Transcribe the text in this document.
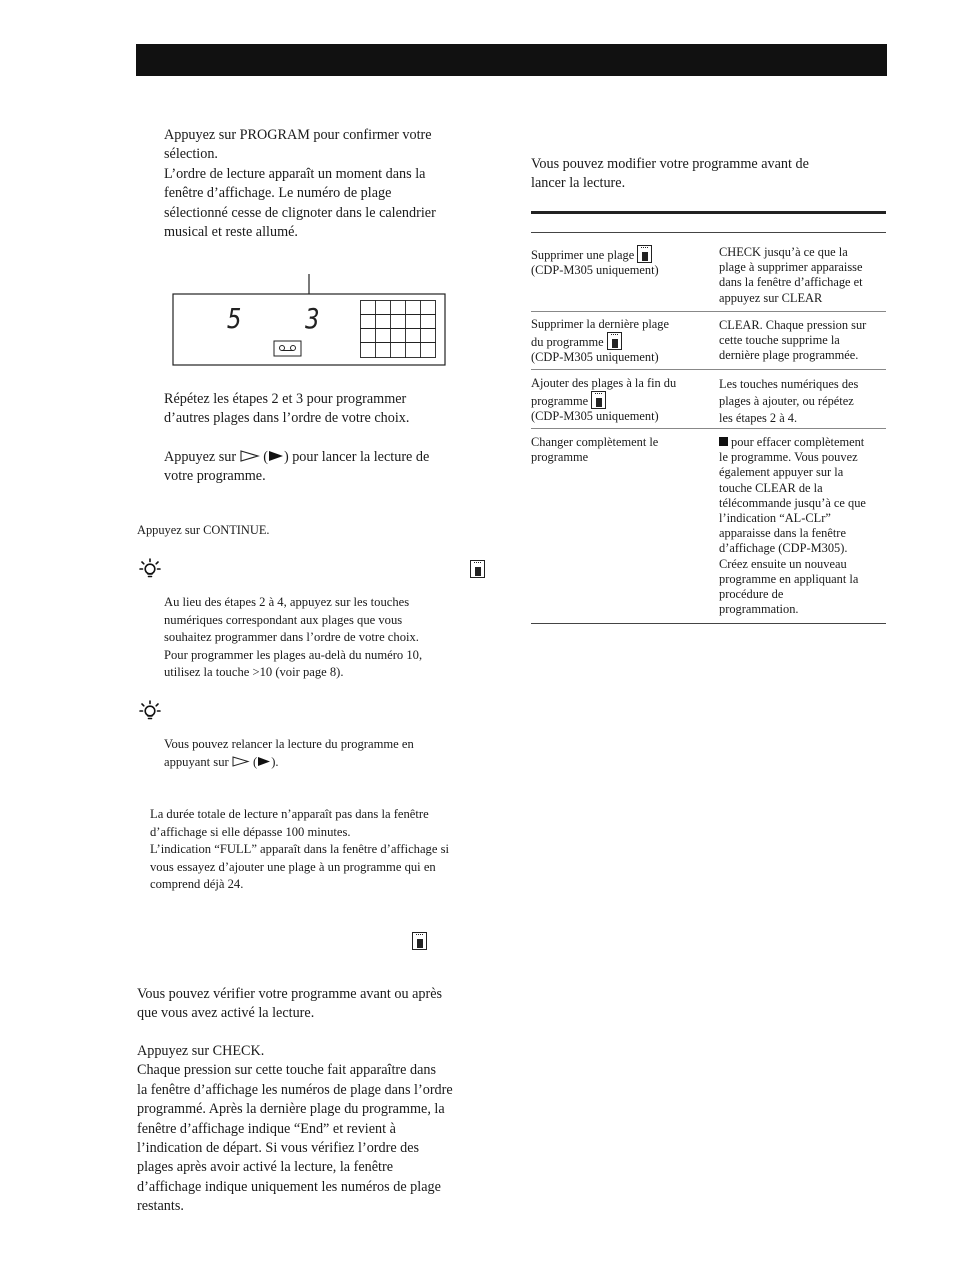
Appuyez sur PROGRAM pour confirmer votre

sélection.

L’ordre de lecture apparaît un moment dans la

fenêtre d’affichage. Le numéro de plage

sélectionné cesse de clignoter dans le calendrier

musical et reste allumé.

5 3

Répétez les étapes 2 et 3 pour programmer

d’autres plages dans l’ordre de votre choix.

Appuyez sur ( ) pour lancer la lecture de

votre programme.

Appuyez sur CONTINUE.

Au lieu des étapes 2 à 4, appuyez sur les touches

numériques correspondant aux plages que vous

souhaitez programmer dans l’ordre de votre choix.

Pour programmer les plages au-delà du numéro 10,

utilisez la touche >10 (voir page 8).

Vous pouvez relancer la lecture du programme en

appuyant sur ( ).

La durée totale de lecture n’apparaît pas dans la fenêtre

d’affichage si elle dépasse 100 minutes.

L’indication “FULL” apparaît dans la fenêtre d’affichage si

vous essayez d’ajouter une plage à un programme qui en

comprend déjà 24.

Vous pouvez vérifier votre programme avant ou après

que vous avez activé la lecture.

Appuyez sur CHECK.

Chaque pression sur cette touche fait apparaître dans

la fenêtre d’affichage les numéros de plage dans l’ordre

programmé. Après la dernière plage du programme, la

fenêtre d’affichage indique “End” et revient à

l’indication de départ. Si vous vérifiez l’ordre des

plages après avoir activé la lecture, la fenêtre

d’affichage indique uniquement les numéros de plage

restants.

Vous pouvez modifier votre programme avant de

lancer la lecture.

Supprimer une plage

(CDP-M305 uniquement)

CHECK jusqu’à ce que la

plage à supprimer apparaisse

dans la fenêtre d’affichage et

appuyez sur CLEAR

Supprimer la dernière plage

du programme

(CDP-M305 uniquement)

CLEAR. Chaque pression sur

cette touche supprime la

dernière plage programmée.

Ajouter des plages à la fin du

programme

(CDP-M305 uniquement)

Les touches numériques des

plages à ajouter, ou répétez

les étapes 2 à 4.

Changer complètement le

programme

pour effacer complètement

le programme. Vous pouvez

également appuyer sur la

touche CLEAR de la

télécommande jusqu’à ce que

l’indication “AL-CLr”

apparaisse dans la fenêtre

d’affichage (CDP-M305).

Créez ensuite un nouveau

programme en appliquant la

procédure de

programmation.
